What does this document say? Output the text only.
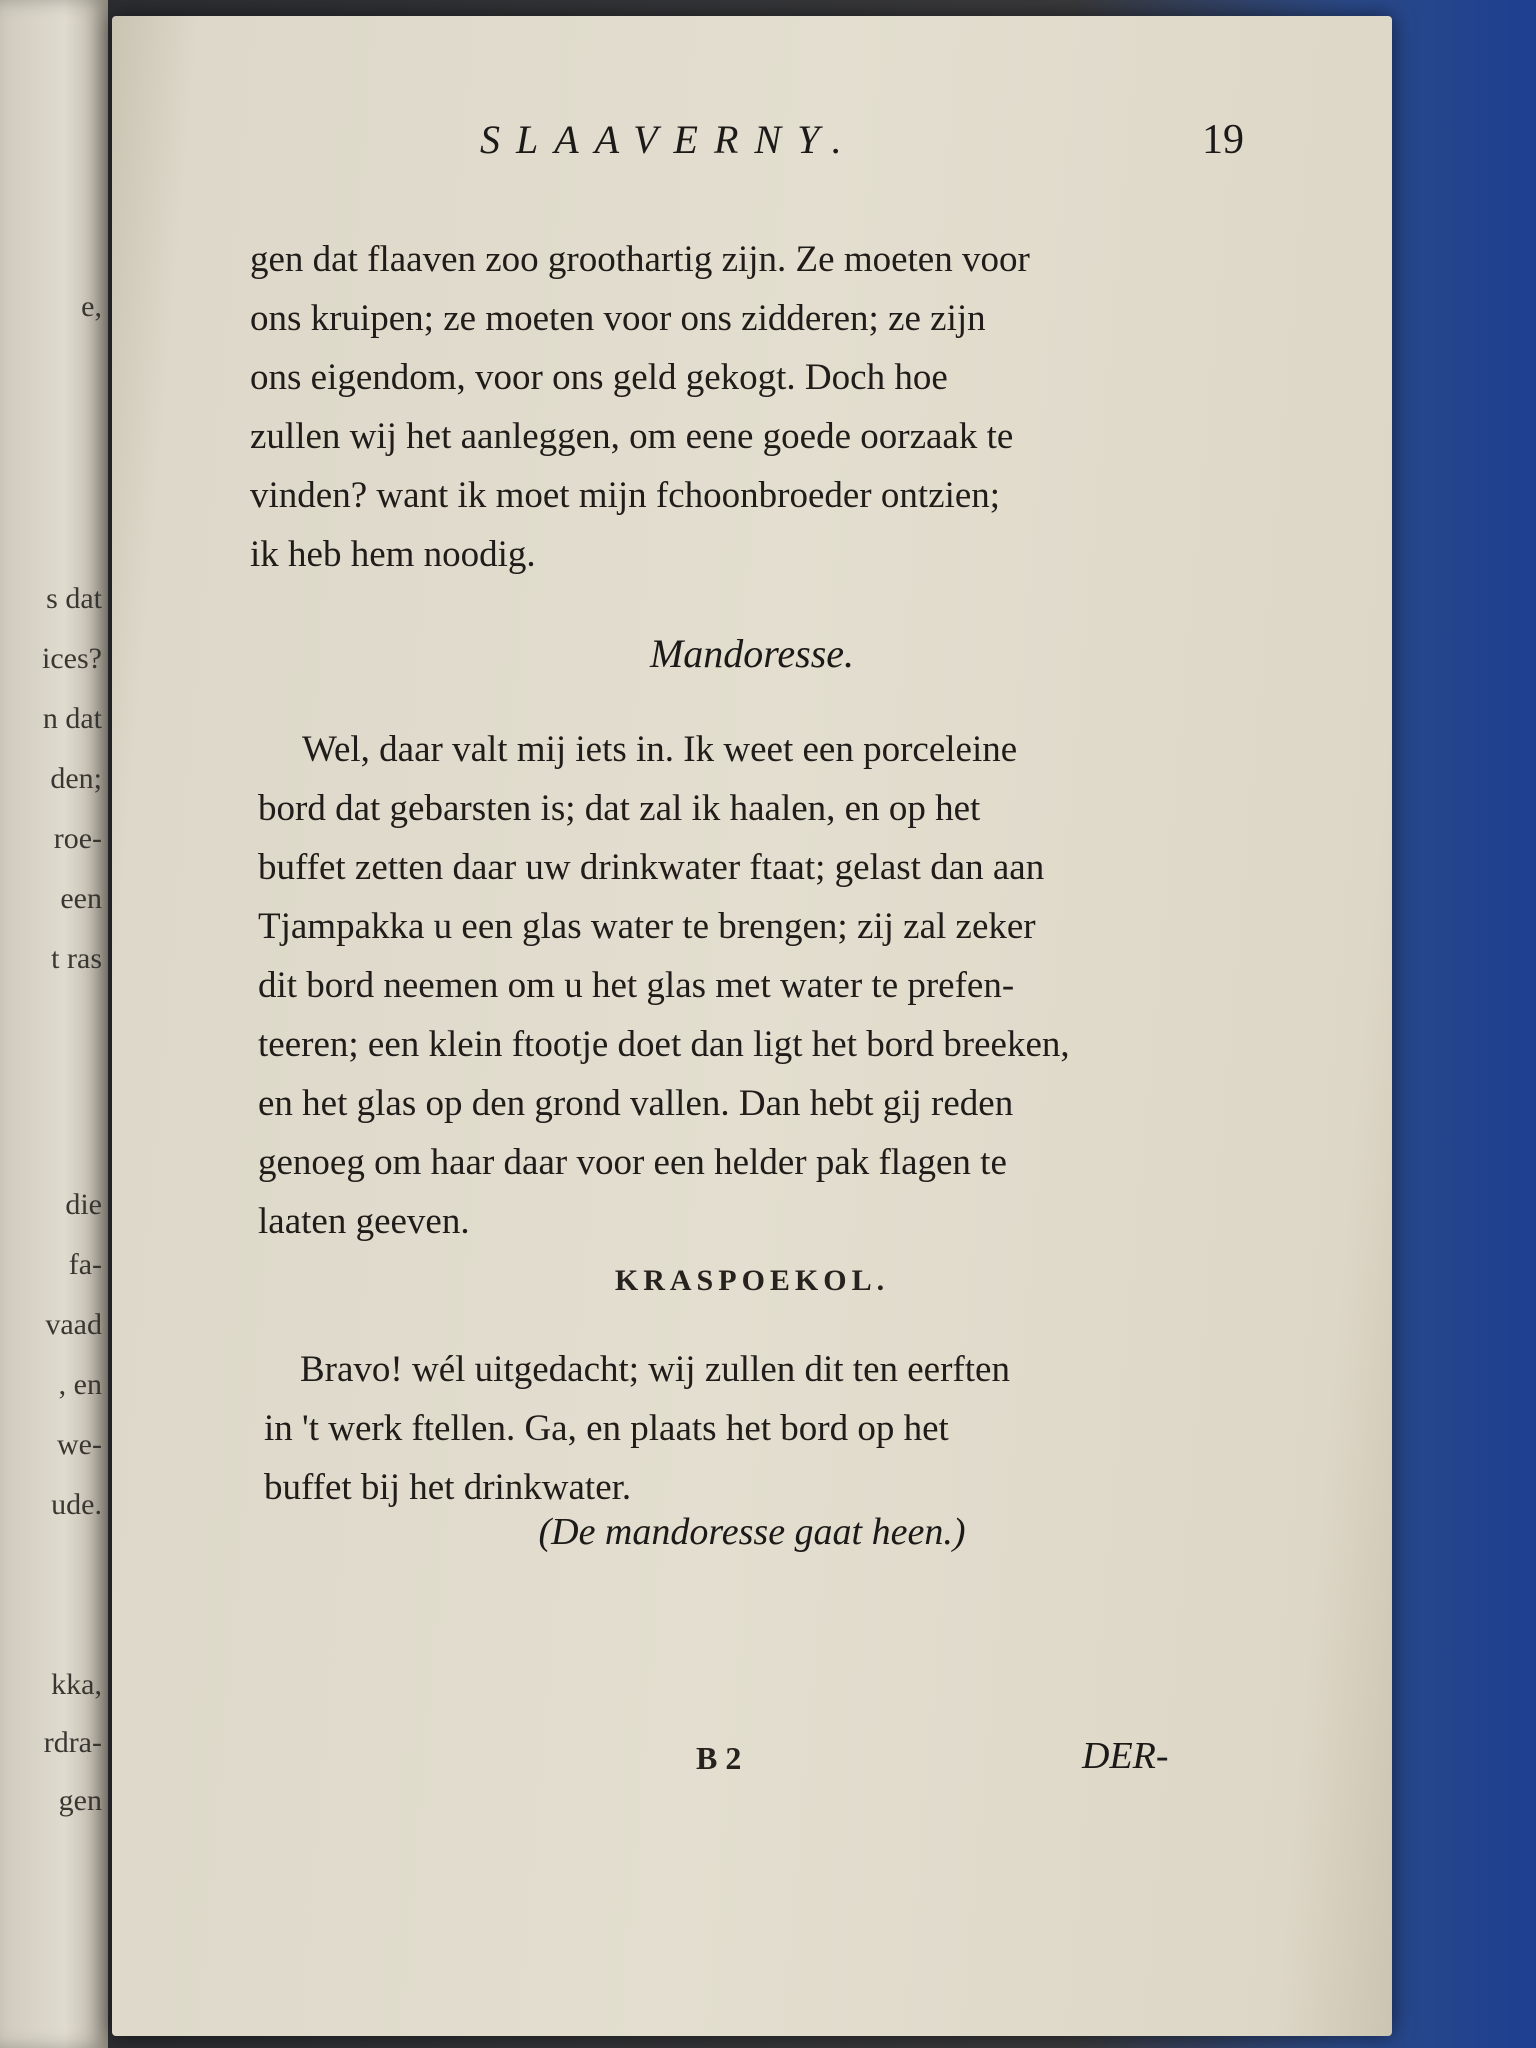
e,
s dat
ices?
n dat
den;
roe-
een
t ras
die
fa-
vaad
, en
we-
ude.
kka,
rdra-
gen
SLAAVERNY.	19
gen dat flaaven zoo groothartig zijn. Ze moeten voor
ons kruipen; ze moeten voor ons zidderen; ze zijn
ons eigendom, voor ons geld gekogt. Doch hoe
zullen wij het aanleggen, om eene goede oorzaak te
vinden? want ik moet mijn fchoonbroeder ontzien;
ik heb hem noodig.
Mandoresse.
Wel, daar valt mij iets in. Ik weet een porceleine
bord dat gebarsten is; dat zal ik haalen, en op het
buffet zetten daar uw drinkwater ftaat; gelast dan aan
Tjampakka u een glas water te brengen; zij zal zeker
dit bord neemen om u het glas met water te prefen-
teeren; een klein ftootje doet dan ligt het bord breeken,
en het glas op den grond vallen. Dan hebt gij reden
genoeg om haar daar voor een helder pak flagen te
laaten geeven.
KRASPOEKOL.
Bravo! wél uitgedacht; wij zullen dit ten eerften
in 't werk ftellen. Ga, en plaats het bord op het
buffet bij het drinkwater.
(De mandoresse gaat heen.)
B 2	DER-
